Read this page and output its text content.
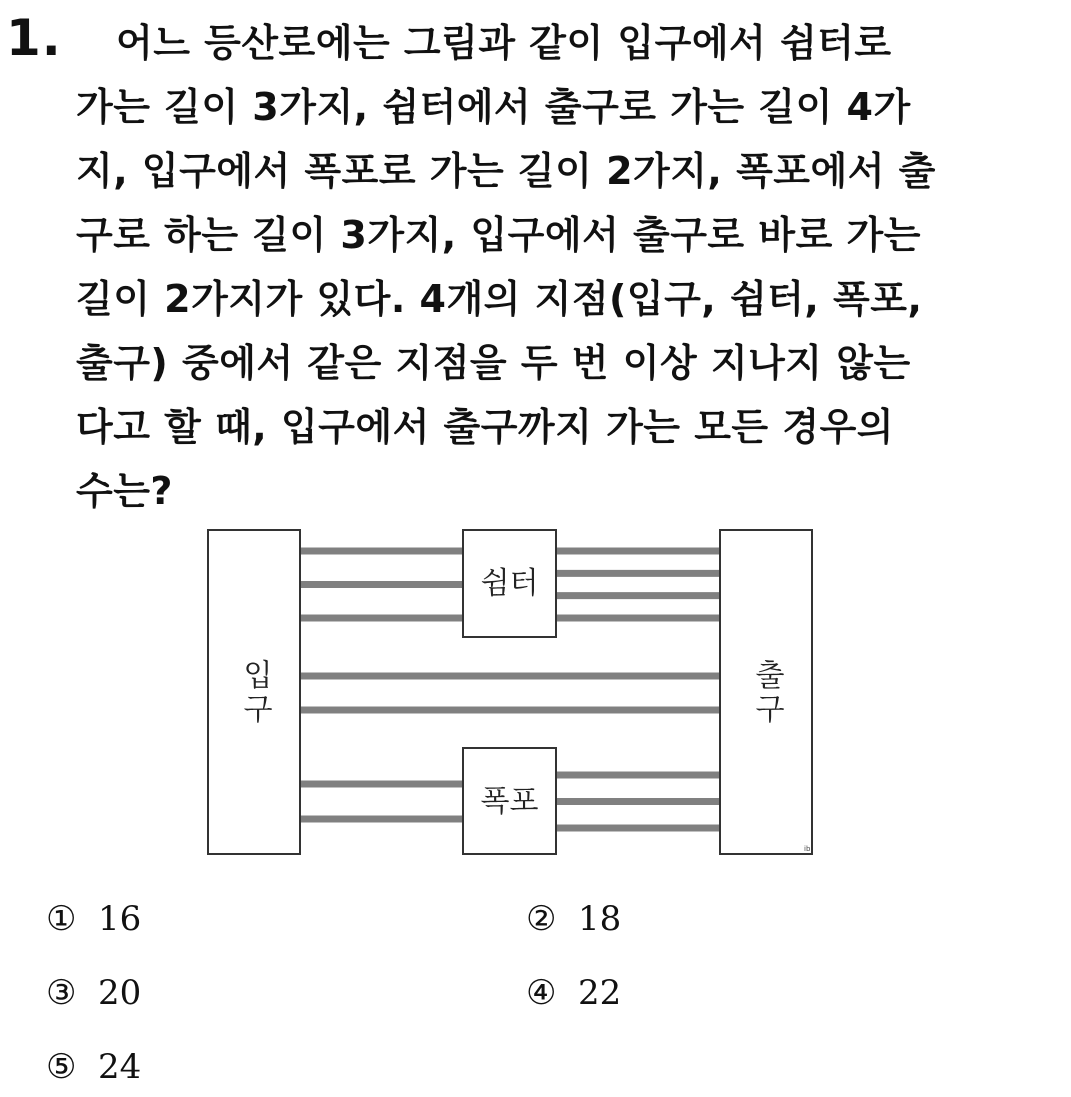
1. 어느 등산로에는 그림과 같이 입구에서 쉼터로
가는 길이 3가지, 쉼터에서 출구로 가는 길이 4가
지, 입구에서 폭포로 가는 길이 2가지, 폭포에서 출
구로 하는 길이 3가지, 입구에서 출구로 바로 가는
길이 2가지가 있다. 4개의 지점(입구, 쉼터, 폭포,
출구) 중에서 같은 지점을 두 번 이상 지나지 않는
다고 할 때, 입구에서 출구까지 가는 모든 경우의
수는?
ib
입구	출구
쉼터
폭포
① 16	② 18
③ 20	④ 22
⑤ 24
